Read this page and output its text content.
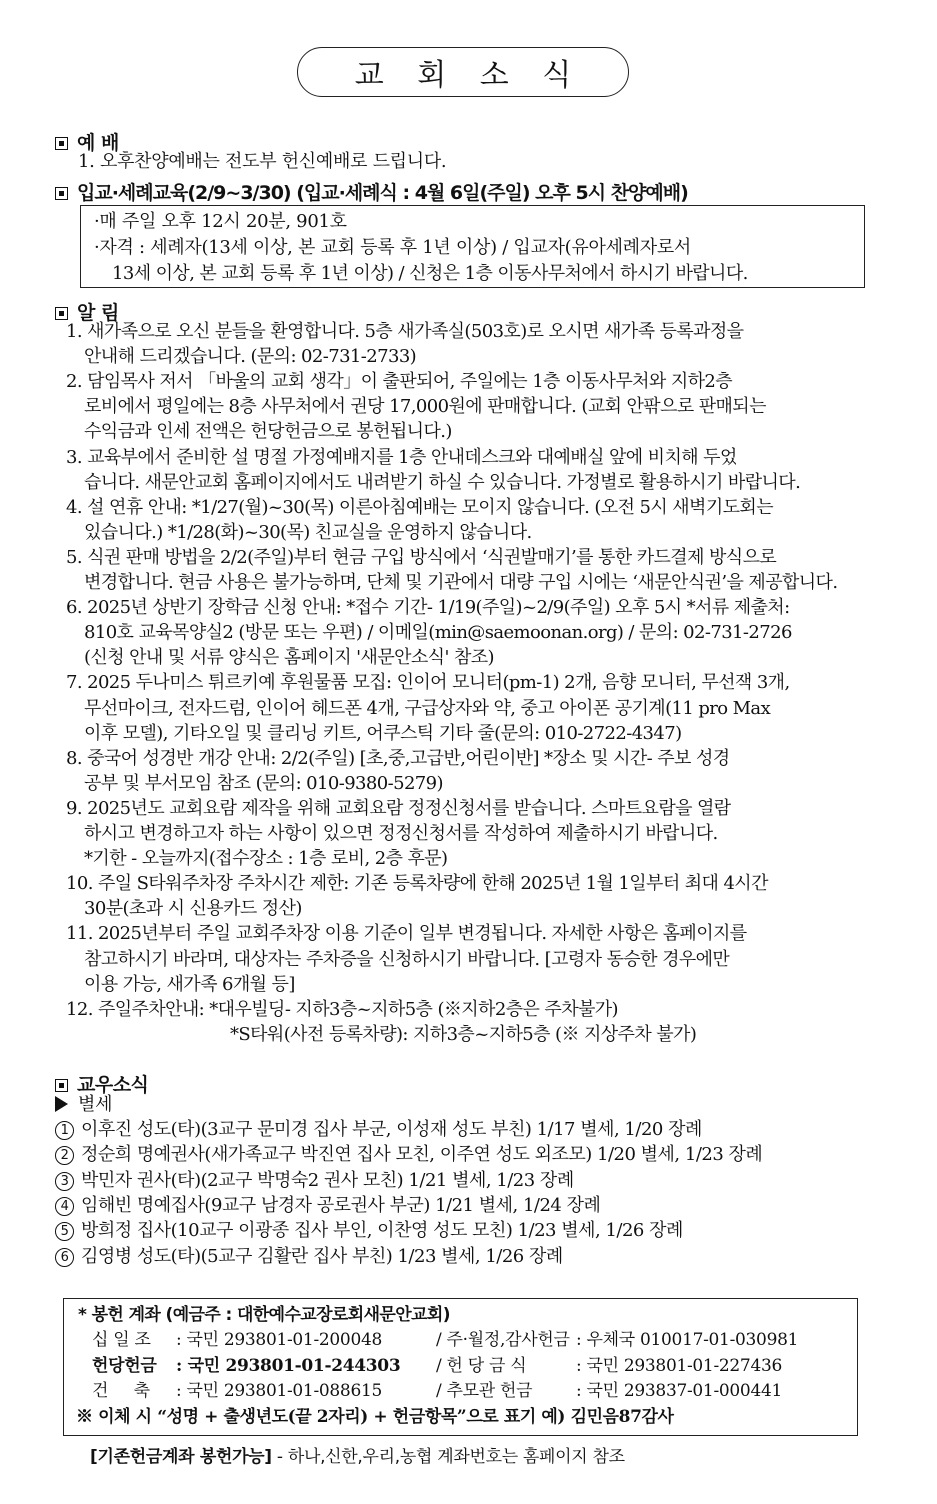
교 회 소 식
예 배
1. 오후찬양예배는 전도부 헌신예배로 드립니다.
입교·세례교육(2/9~3/30) (입교·세례식 : 4월 6일(주일) 오후 5시 찬양예배)
·매 주일 오후 12시 20분, 901호
·자격 : 세례자(13세 이상, 본 교회 등록 후 1년 이상) / 입교자(유아세례자로서
13세 이상, 본 교회 등록 후 1년 이상) / 신청은 1층 이동사무처에서 하시기 바랍니다.
알 림
1. 새가족으로 오신 분들을 환영합니다. 5층 새가족실(503호)로 오시면 새가족 등록과정을
안내해 드리겠습니다. (문의: 02-731-2733)
2. 담임목사 저서 「바울의 교회 생각」이 출판되어, 주일에는 1층 이동사무처와 지하2층
로비에서 평일에는 8층 사무처에서 권당 17,000원에 판매합니다. (교회 안팎으로 판매되는
수익금과 인세 전액은 헌당헌금으로 봉헌됩니다.)
3. 교육부에서 준비한 설 명절 가정예배지를 1층 안내데스크와 대예배실 앞에 비치해 두었
습니다. 새문안교회 홈페이지에서도 내려받기 하실 수 있습니다. 가정별로 활용하시기 바랍니다.
4. 설 연휴 안내: *1/27(월)~30(목) 이른아침예배는 모이지 않습니다. (오전 5시 새벽기도회는
있습니다.) *1/28(화)~30(목) 친교실을 운영하지 않습니다.
5. 식권 판매 방법을 2/2(주일)부터 현금 구입 방식에서 ‘식권발매기’를 통한 카드결제 방식으로
변경합니다. 현금 사용은 불가능하며, 단체 및 기관에서 대량 구입 시에는 ‘새문안식권’을 제공합니다.
6. 2025년 상반기 장학금 신청 안내: *접수 기간- 1/19(주일)~2/9(주일) 오후 5시 *서류 제출처:
810호 교육목양실2 (방문 또는 우편) / 이메일(min@saemoonan.org) / 문의: 02-731-2726
(신청 안내 및 서류 양식은 홈페이지 '새문안소식' 참조)
7. 2025 두나미스 튀르키예 후원물품 모집: 인이어 모니터(pm-1) 2개, 음향 모니터, 무선잭 3개,
무선마이크, 전자드럼, 인이어 헤드폰 4개, 구급상자와 약, 중고 아이폰 공기계(11 pro Max
이후 모델), 기타오일 및 클리닝 키트, 어쿠스틱 기타 줄(문의: 010-2722-4347)
8. 중국어 성경반 개강 안내: 2/2(주일) [초,중,고급반,어린이반] *장소 및 시간- 주보 성경
공부 및 부서모임 참조 (문의: 010-9380-5279)
9. 2025년도 교회요람 제작을 위해 교회요람 정정신청서를 받습니다. 스마트요람을 열람
하시고 변경하고자 하는 사항이 있으면 정정신청서를 작성하여 제출하시기 바랍니다.
*기한 - 오늘까지(접수장소 : 1층 로비, 2층 후문)
10. 주일 S타워주차장 주차시간 제한: 기존 등록차량에 한해 2025년 1월 1일부터 최대 4시간
30분(초과 시 신용카드 정산)
11. 2025년부터 주일 교회주차장 이용 기준이 일부 변경됩니다. 자세한 사항은 홈페이지를
참고하시기 바라며, 대상자는 주차증을 신청하시기 바랍니다. [고령자 동승한 경우에만
이용 가능, 새가족 6개월 등]
12. 주일주차안내: *대우빌딩- 지하3층~지하5층 (※지하2층은 주차불가)
*S타워(사전 등록차량): 지하3층~지하5층 (※ 지상주차 불가)
교우소식
별세
1 이후진 성도(타)(3교구 문미경 집사 부군, 이성재 성도 부친) 1/17 별세, 1/20 장례
2 정순희 명예권사(새가족교구 박진연 집사 모친, 이주연 성도 외조모) 1/20 별세, 1/23 장례
3 박민자 권사(타)(2교구 박명숙2 권사 모친) 1/21 별세, 1/23 장례
4 임해빈 명예집사(9교구 남경자 공로권사 부군) 1/21 별세, 1/24 장례
5 방희정 집사(10교구 이광종 집사 부인, 이찬영 성도 모친) 1/23 별세, 1/26 장례
6 김영병 성도(타)(5교구 김활란 집사 부친) 1/23 별세, 1/26 장례
* 봉헌 계좌 (예금주 : 대한예수교장로회새문안교회)
십 일 조 : 국민 293801-01-200048	/ 주·월정,감사헌금 : 우체국 010017-01-030981
헌당헌금 : 국민 293801-01-244303 / 헌 당 금 식	: 국민 293801-01-227436
건     축 : 국민 293801-01-088615	/ 추모관 헌금	: 국민 293837-01-000441
※ 이체 시 “성명 + 출생년도(끝 2자리) + 헌금항목”으로 표기 예) 김민음87감사
[기존헌금계좌 봉헌가능] - 하나,신한,우리,농협 계좌번호는 홈페이지 참조
